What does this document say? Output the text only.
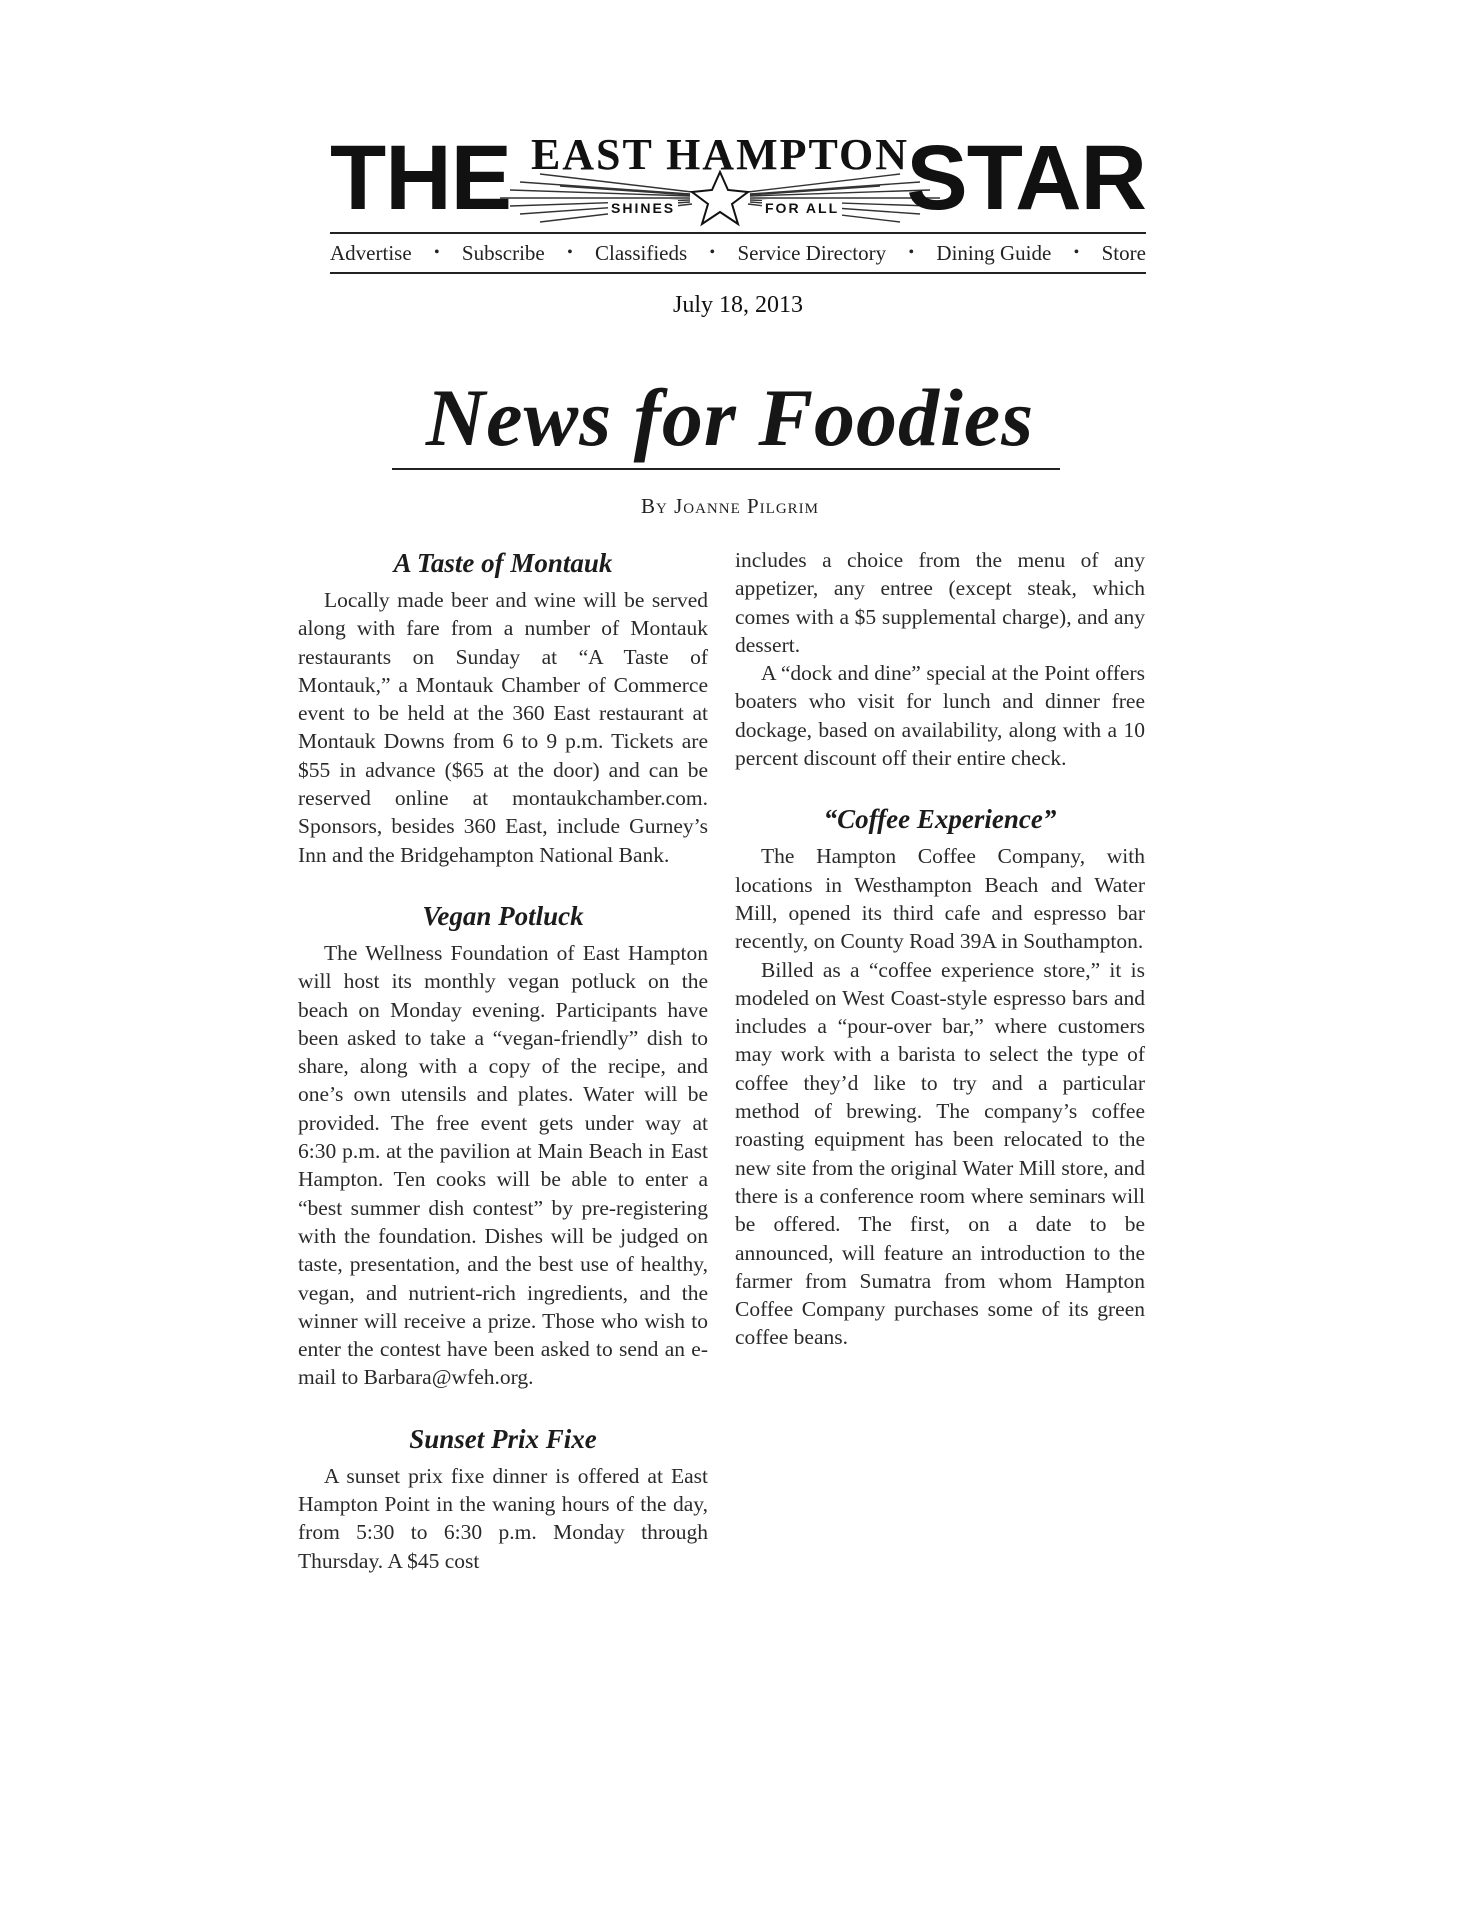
THE EAST HAMPTON
SHINES	FOR ALL STAR
Advertise • Subscribe • Classifieds • Service Directory • Dining Guide • Store
July 18, 2013
News for Foodies
By Joanne Pilgrim
A Taste of Montauk

Locally made beer and wine will be served along with fare from a number of Montauk restaurants on Sunday at “A Taste of Montauk,” a Montauk Chamber of Commerce event to be held at the 360 East restaurant at Montauk Downs from 6 to 9 p.m. Tickets are $55 in advance ($65 at the door) and can be reserved online at montaukchamber.com. Sponsors, besides 360 East, include Gurney’s Inn and the Bridgehampton National Bank.

Vegan Potluck

The Wellness Foundation of East Hampton will host its monthly vegan potluck on the beach on Monday evening. Participants have been asked to take a “vegan-friendly” dish to share, along with a copy of the recipe, and one’s own utensils and plates. Water will be provided. The free event gets under way at 6:30 p.m. at the pavilion at Main Beach in East Hampton. Ten cooks will be able to enter a “best summer dish contest” by pre-registering with the foundation. Dishes will be judged on taste, presentation, and the best use of healthy, vegan, and nutrient-rich ingredients, and the winner will receive a prize. Those who wish to enter the contest have been asked to send an e-mail to Barbara@wfeh.org.

Sunset Prix Fixe

A sunset prix fixe dinner is offered at East Hampton Point in the waning hours of the day, from 5:30 to 6:30 p.m. Monday through Thursday. A $45 cost

includes a choice from the menu of any appetizer, any entree (except steak, which comes with a $5 supplemental charge), and any dessert.

A “dock and dine” special at the Point offers boaters who visit for lunch and dinner free dockage, based on availability, along with a 10 percent discount off their entire check.

“Coffee Experience”

The Hampton Coffee Company, with locations in Westhampton Beach and Water Mill, opened its third cafe and espresso bar recently, on County Road 39A in Southampton.

Billed as a “coffee experience store,” it is modeled on West Coast-style espresso bars and includes a “pour-over bar,” where customers may work with a barista to select the type of coffee they’d like to try and a particular method of brewing. The company’s coffee roasting equipment has been relocated to the new site from the original Water Mill store, and there is a conference room where seminars will be offered. The first, on a date to be announced, will feature an introduction to the farmer from Sumatra from whom Hampton Coffee Company purchases some of its green coffee beans.
